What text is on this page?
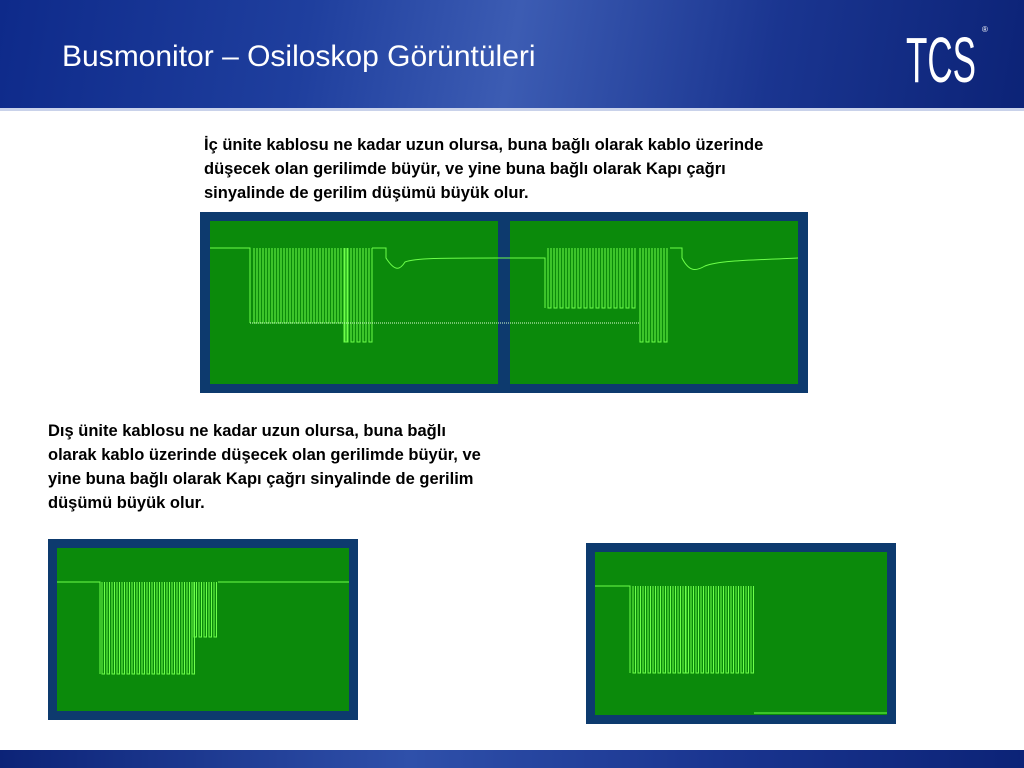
Busmonitor – Osiloskop Görüntüleri	TCS ®
İç ünite kablosu ne kadar uzun olursa, buna bağlı olarak kablo üzerinde düşecek olan gerilimde büyür, ve yine buna bağlı olarak Kapı çağrı sinyalinde de gerilim düşümü büyük olur.
Dış ünite kablosu ne kadar uzun olursa, buna bağlı olarak kablo üzerinde düşecek olan gerilimde büyür, ve yine buna bağlı olarak Kapı çağrı sinyalinde de gerilim düşümü büyük olur.
